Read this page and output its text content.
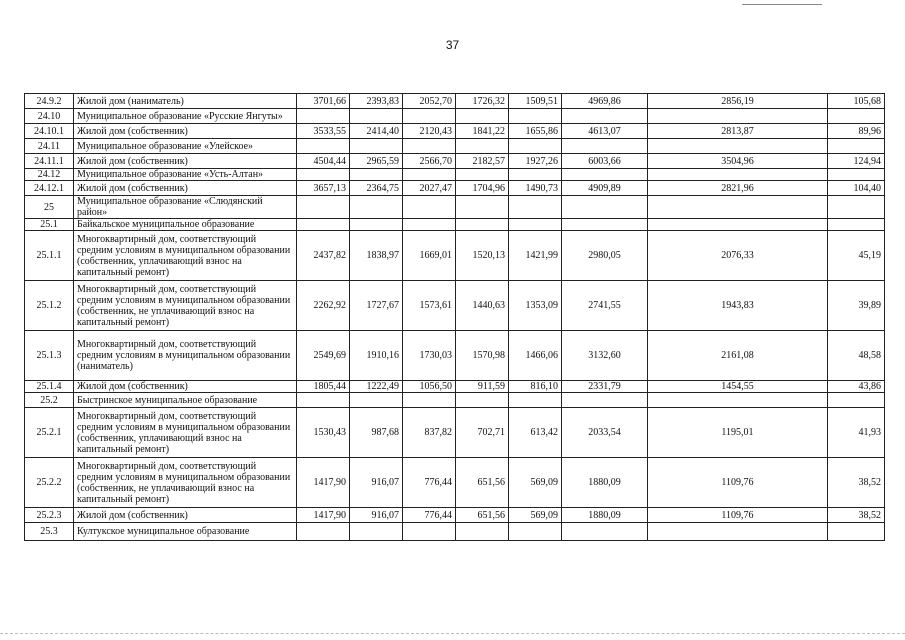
37
24.9.2	Жилой дом (наниматель)	3701,66	2393,83	2052,70	1726,32	1509,51	4969,86	2856,19	105,68
24.10	Муниципальное образование «Русские Янгуты»								
24.10.1	Жилой дом (собственник)	3533,55	2414,40	2120,43	1841,22	1655,86	4613,07	2813,87	89,96
24.11	Муниципальное образование «Улейское»								
24.11.1	Жилой дом (собственник)	4504,44	2965,59	2566,70	2182,57	1927,26	6003,66	3504,96	124,94
24.12	Муниципальное образование «Усть-Алтан»								
24.12.1	Жилой дом (собственник)	3657,13	2364,75	2027,47	1704,96	1490,73	4909,89	2821,96	104,40
25	Муниципальное образование «Слюдянский район»								
25.1	Байкальское муниципальное образование								
25.1.1	Многоквартирный дом, соответствующий средним условиям в муниципальном образовании (собственник, уплачивающий взнос на капитальный ремонт)	2437,82	1838,97	1669,01	1520,13	1421,99	2980,05	2076,33	45,19
25.1.2	Многоквартирный дом, соответствующий средним условиям в муниципальном образовании (собственник, не уплачивающий взнос на капитальный ремонт)	2262,92	1727,67	1573,61	1440,63	1353,09	2741,55	1943,83	39,89
25.1.3	Многоквартирный дом, соответствующий средним условиям в муниципальном образовании (наниматель)	2549,69	1910,16	1730,03	1570,98	1466,06	3132,60	2161,08	48,58
25.1.4	Жилой дом (собственник)	1805,44	1222,49	1056,50	911,59	816,10	2331,79	1454,55	43,86
25.2	Быстринское муниципальное образование								
25.2.1	Многоквартирный дом, соответствующий средним условиям в муниципальном образовании (собственник, уплачивающий взнос на капитальный ремонт)	1530,43	987,68	837,82	702,71	613,42	2033,54	1195,01	41,93
25.2.2	Многоквартирный дом, соответствующий средним условиям в муниципальном образовании (собственник, не уплачивающий взнос на капитальный ремонт)	1417,90	916,07	776,44	651,56	569,09	1880,09	1109,76	38,52
25.2.3	Жилой дом (собственник)	1417,90	916,07	776,44	651,56	569,09	1880,09	1109,76	38,52
25.3	Култукское муниципальное образование								
